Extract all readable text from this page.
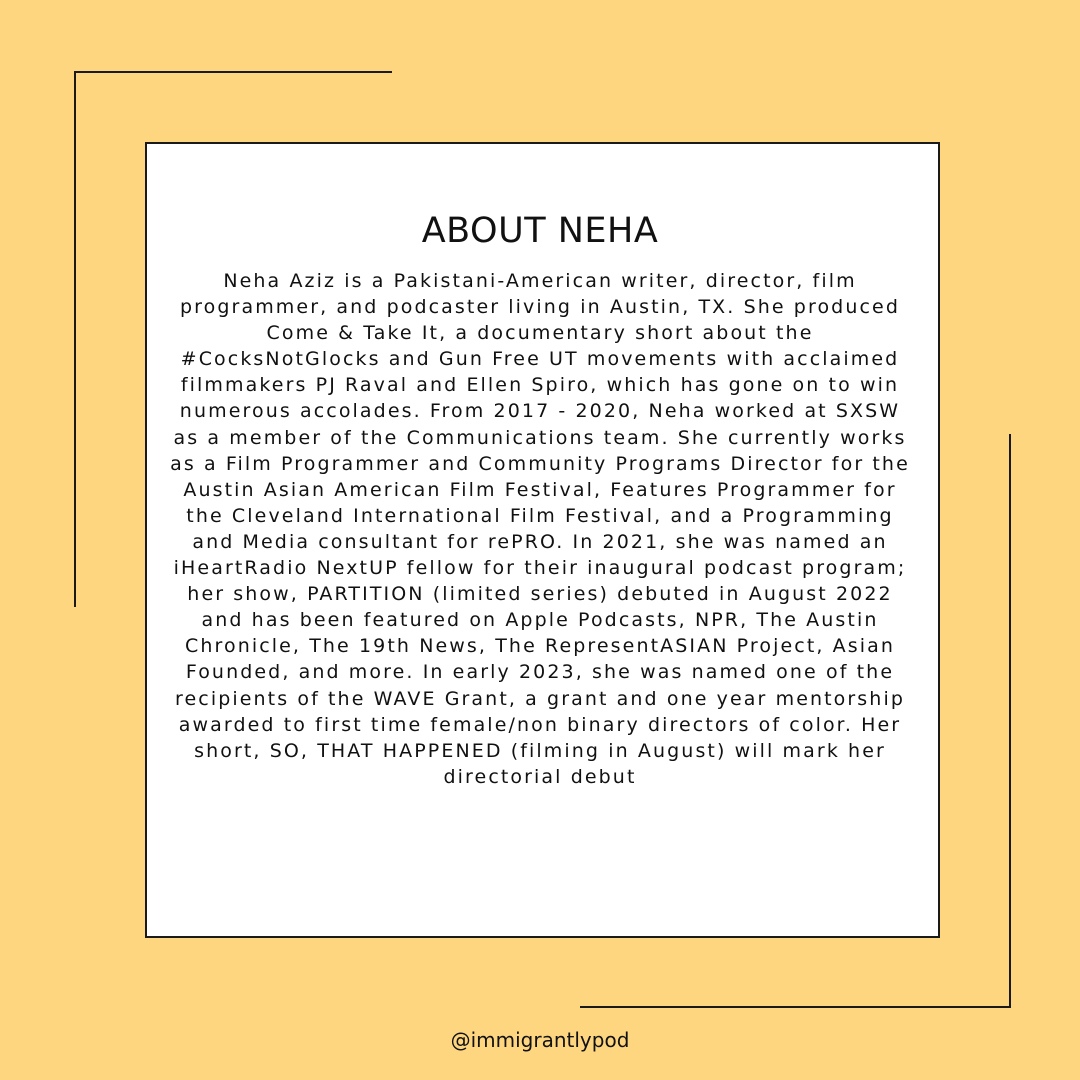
ABOUT NEHA

Neha Aziz is a Pakistani-American writer, director, film programmer, and podcaster living in Austin, TX. She produced Come & Take It, a documentary short about the #CocksNotGlocks and Gun Free UT movements with acclaimed filmmakers PJ Raval and Ellen Spiro, which has gone on to win numerous accolades. From 2017 - 2020, Neha worked at SXSW as a member of the Communications team. She currently works as a Film Programmer and Community Programs Director for the Austin Asian American Film Festival, Features Programmer for the Cleveland International Film Festival, and a Programming and Media consultant for rePRO. In 2021, she was named an iHeartRadio NextUP fellow for their inaugural podcast program; her show, PARTITION (limited series) debuted in August 2022 and has been featured on Apple Podcasts, NPR, The Austin Chronicle, The 19th News, The RepresentASIAN Project, Asian Founded, and more. In early 2023, she was named one of the recipients of the WAVE Grant, a grant and one year mentorship awarded to first time female/non binary directors of color. Her short, SO, THAT HAPPENED (filming in August) will mark her directorial debut

@immigrantlypod
